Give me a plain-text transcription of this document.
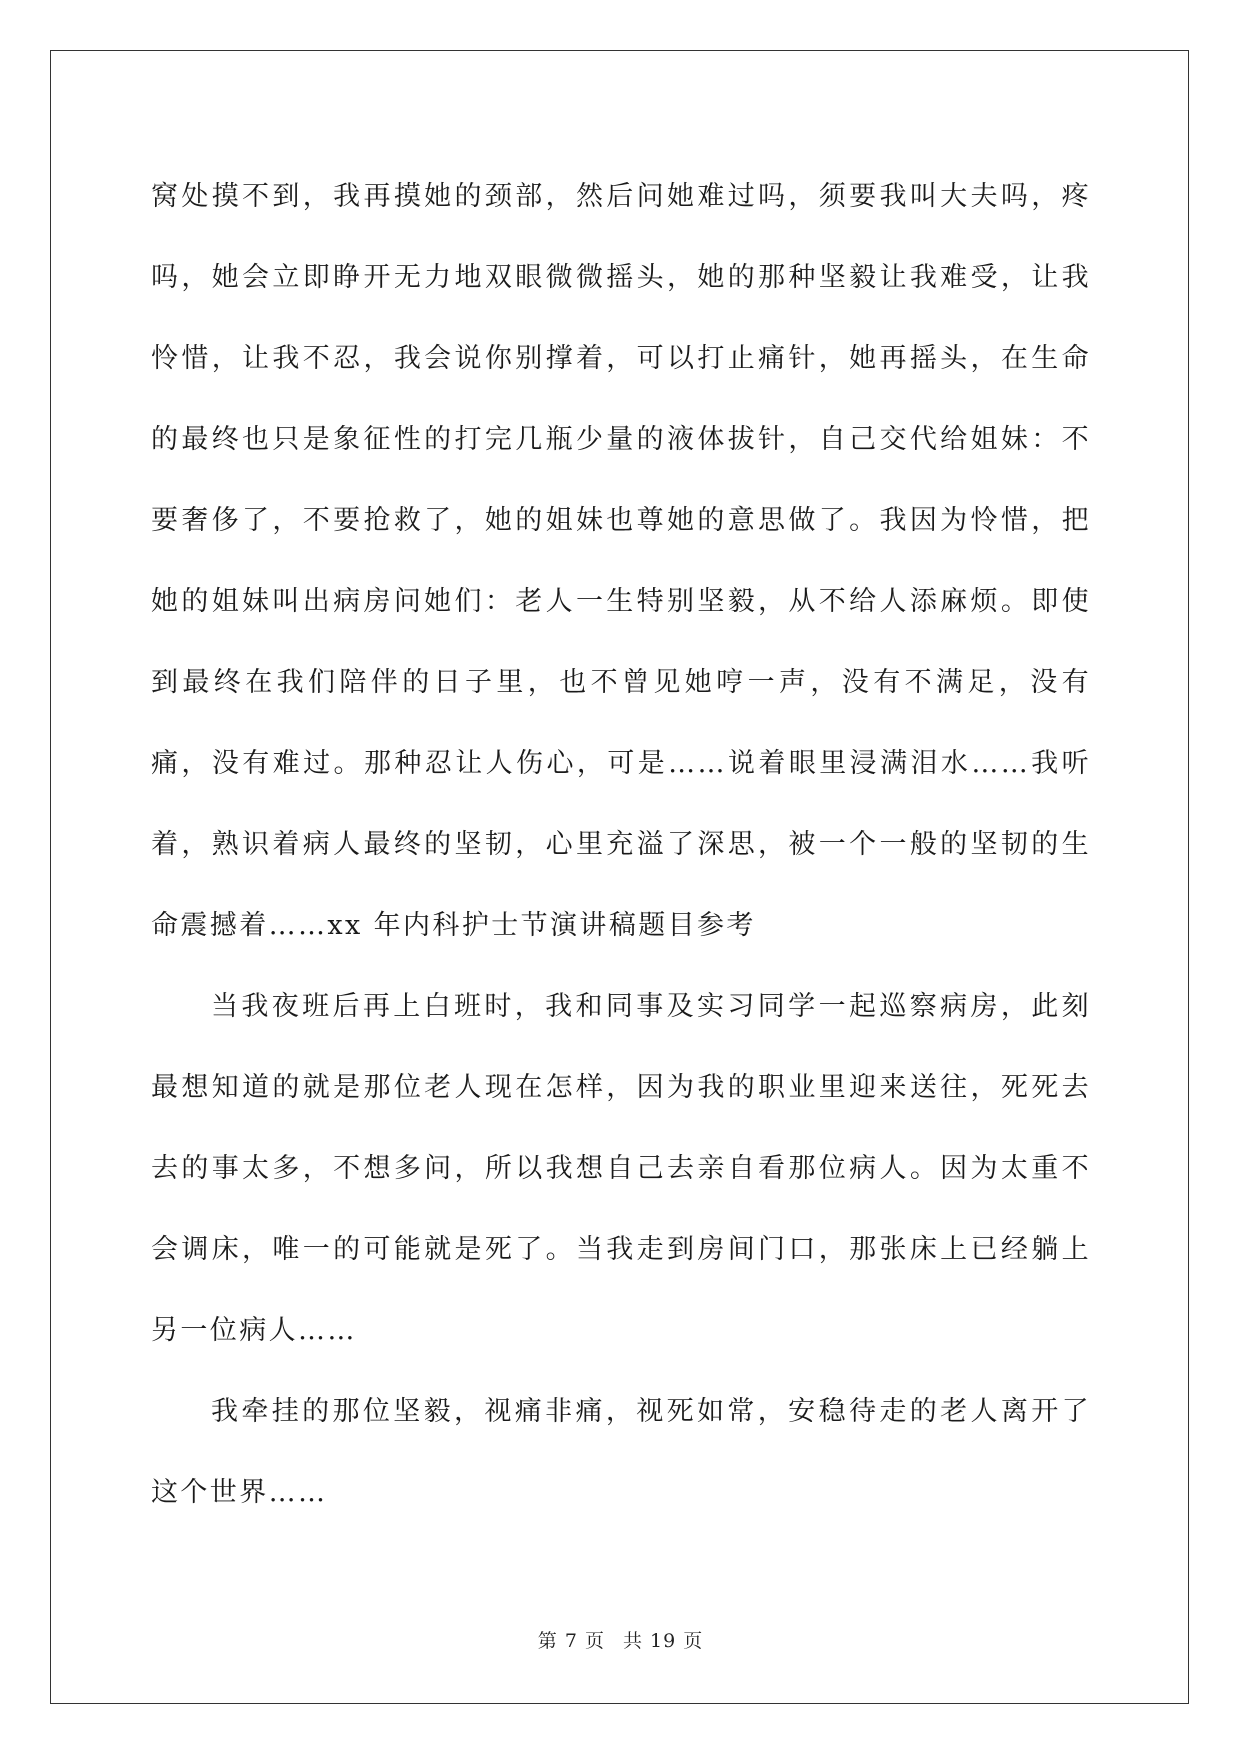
窝处摸不到，我再摸她的颈部，然后问她难过吗，须要我叫大夫吗，疼吗，她会立即睁开无力地双眼微微摇头，她的那种坚毅让我难受，让我怜惜，让我不忍，我会说你别撑着，可以打止痛针，她再摇头，在生命的最终也只是象征性的打完几瓶少量的液体拔针，自己交代给姐妹：不要奢侈了，不要抢救了，她的姐妹也尊她的意思做了。我因为怜惜，把她的姐妹叫出病房问她们：老人一生特别坚毅，从不给人添麻烦。即使到最终在我们陪伴的日子里，也不曾见她哼一声，没有不满足，没有痛，没有难过。那种忍让人伤心，可是……说着眼里浸满泪水……我听着，熟识着病人最终的坚韧，心里充溢了深思，被一个一般的坚韧的生命震撼着……xx 年内科护士节演讲稿题目参考

当我夜班后再上白班时，我和同事及实习同学一起巡察病房，此刻最想知道的就是那位老人现在怎样，因为我的职业里迎来送往，死死去去的事太多，不想多问，所以我想自己去亲自看那位病人。因为太重不会调床，唯一的可能就是死了。当我走到房间门口，那张床上已经躺上另一位病人……

我牵挂的那位坚毅，视痛非痛，视死如常，安稳待走的老人离开了这个世界……

第 7 页 共 19 页
